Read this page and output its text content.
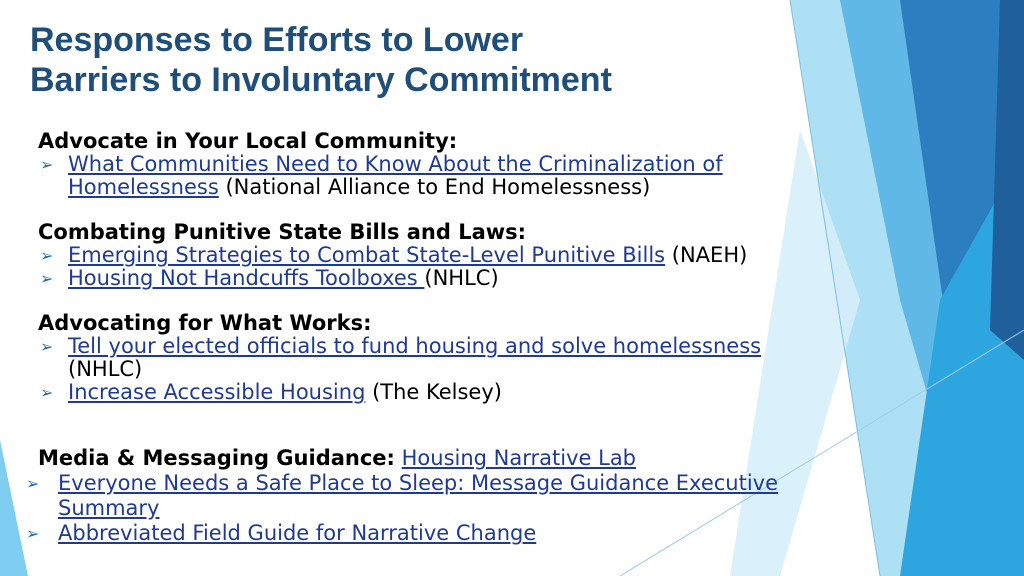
Responses to Efforts to Lower
Barriers to Involuntary Commitment
Advocate in Your Local Community:
➢ What Communities Need to Know About the Criminalization of Homelessness (National Alliance to End Homelessness)
Combating Punitive State Bills and Laws:
➢ Emerging Strategies to Combat State-Level Punitive Bills (NAEH)
➢ Housing Not Handcuffs Toolboxes (NHLC)
Advocating for What Works:
➢ Tell your elected officials to fund housing and solve homelessness (NHLC)
➢ Increase Accessible Housing (The Kelsey)
Media & Messaging Guidance: Housing Narrative Lab
➢ Everyone Needs a Safe Place to Sleep: Message Guidance Executive Summary
➢ Abbreviated Field Guide for Narrative Change
